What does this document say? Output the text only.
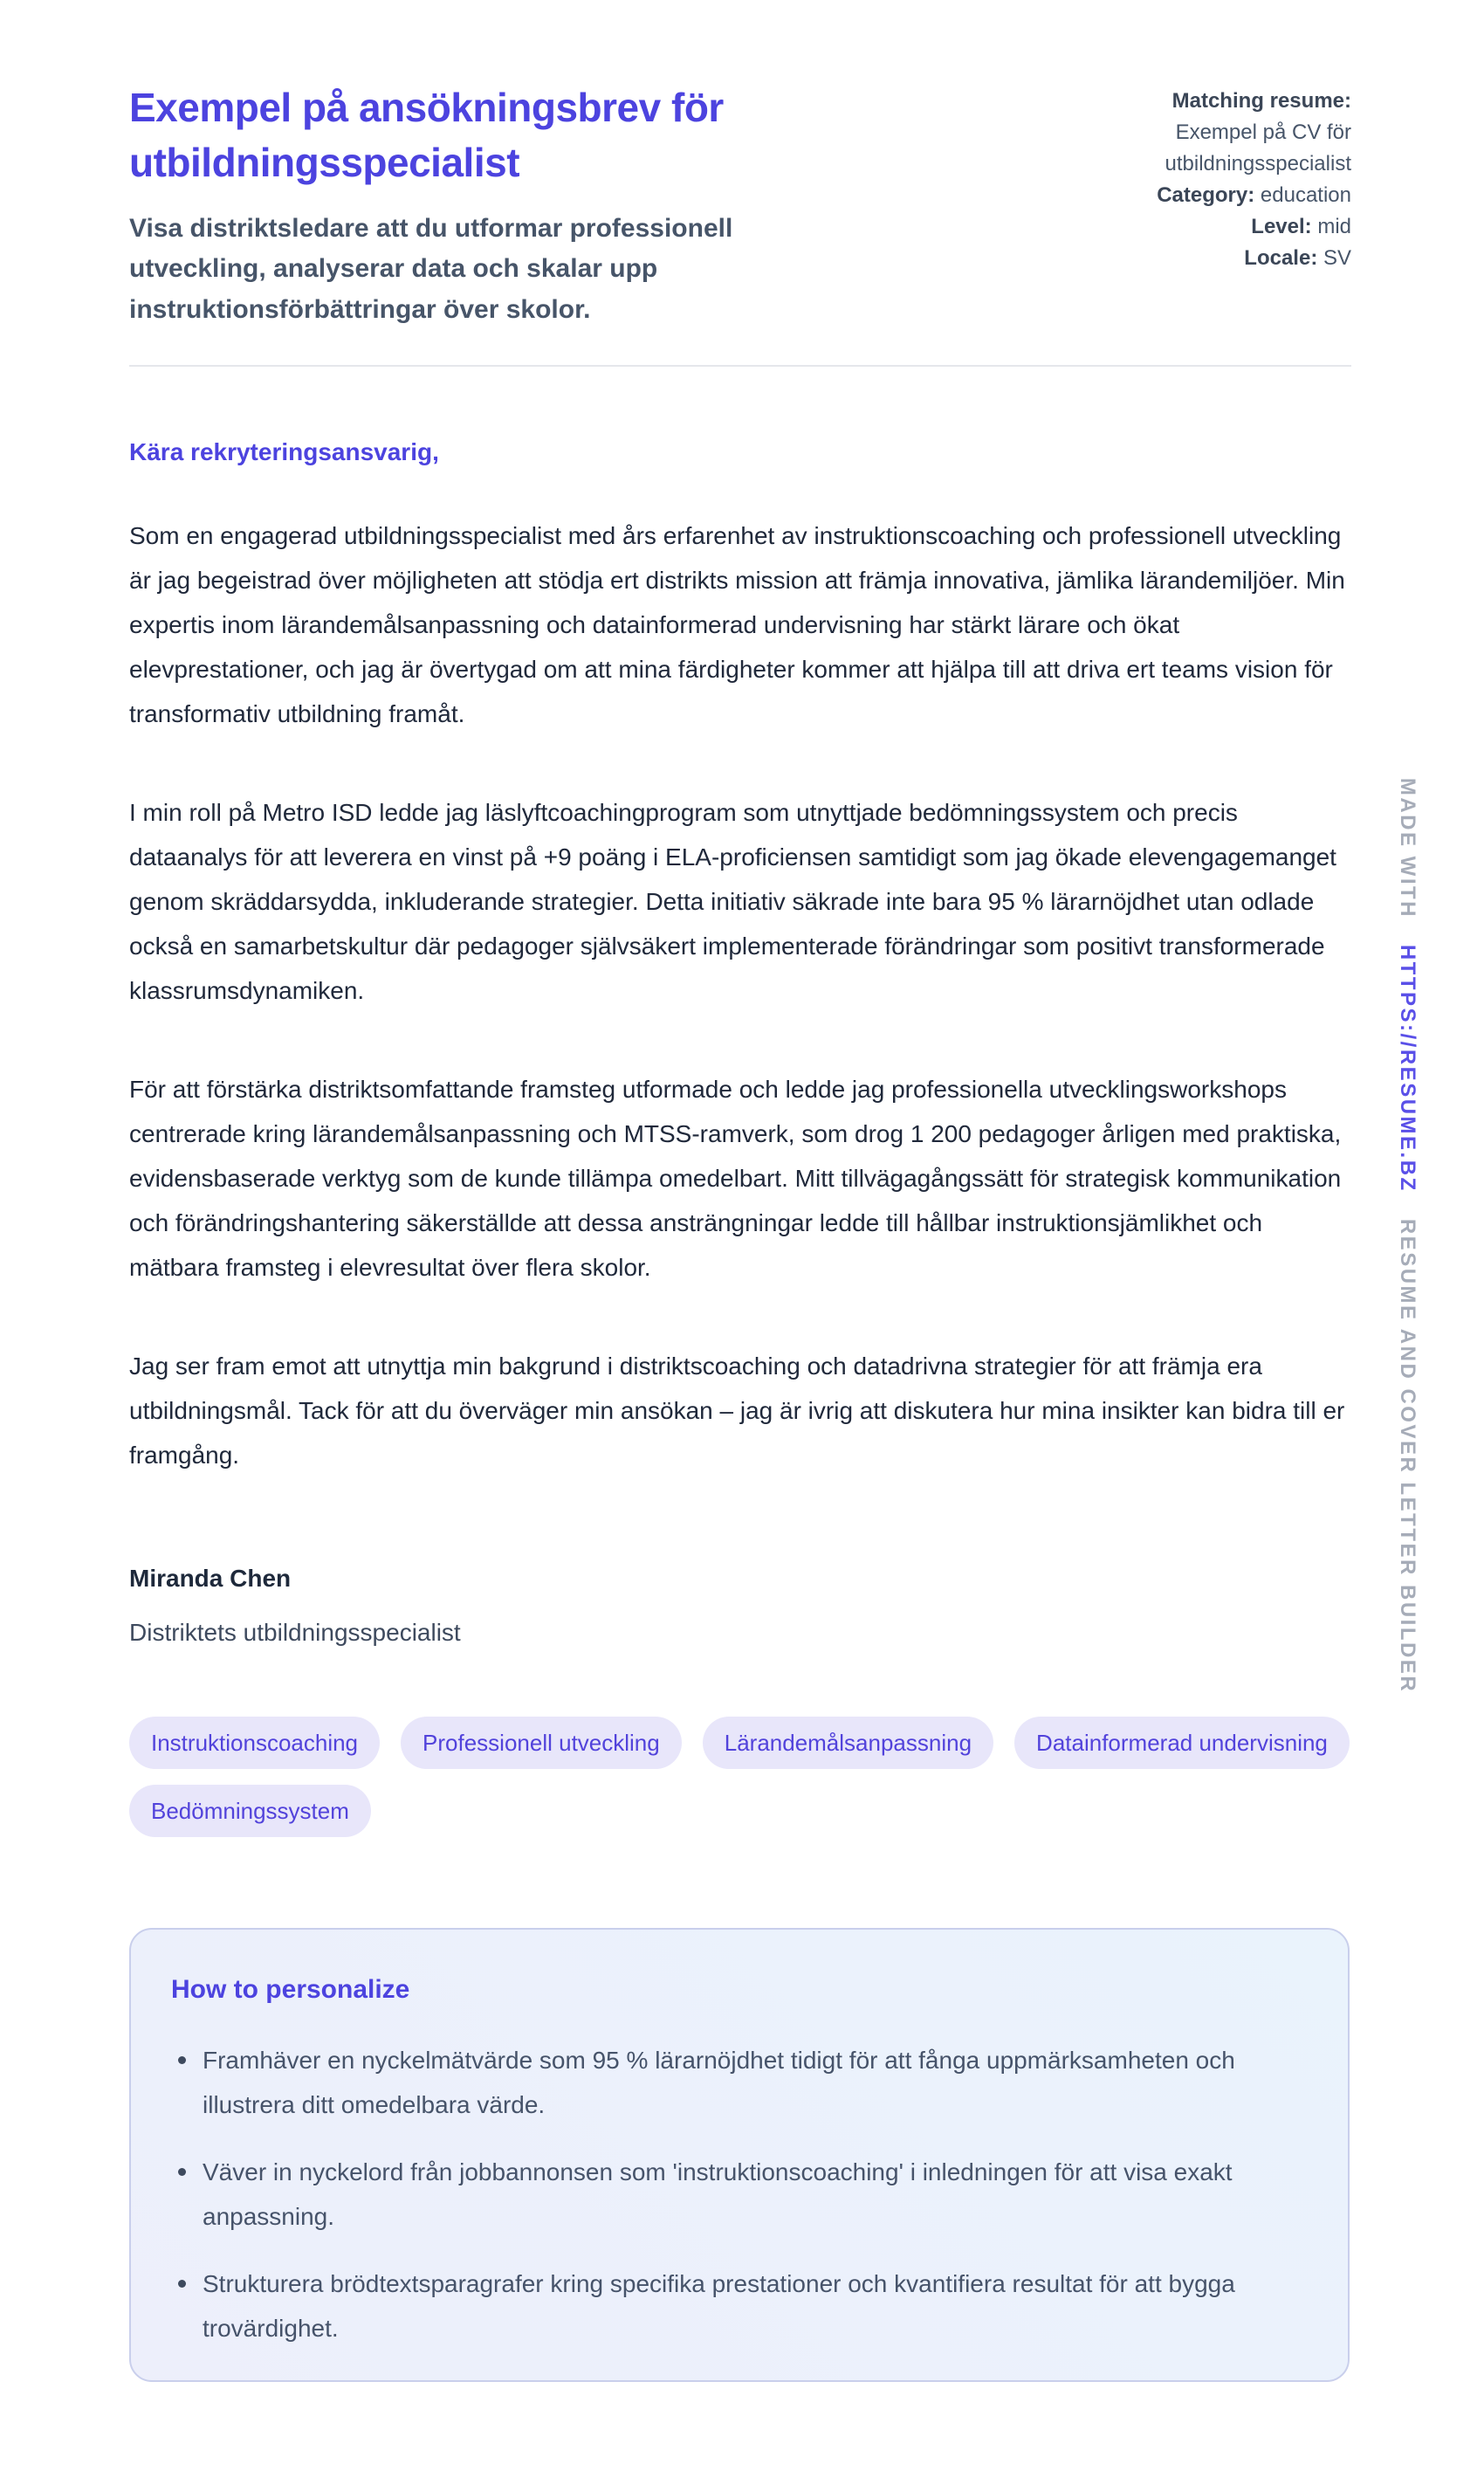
Exempel på ansökningsbrev för utbildningsspecialist
Visa distriktsledare att du utformar professionell utveckling, analyserar data och skalar upp instruktionsförbättringar över skolor.
Matching resume:
Exempel på CV för utbildningsspecialist
Category: education
Level: mid
Locale: SV
Kära rekryteringsansvarig,

Som en engagerad utbildningsspecialist med års erfarenhet av instruktionscoaching och professionell utveckling är jag begeistrad över möjligheten att stödja ert distrikts mission att främja innovativa, jämlika lärandemiljöer. Min expertis inom lärandemålsanpassning och datainformerad undervisning har stärkt lärare och ökat elevprestationer, och jag är övertygad om att mina färdigheter kommer att hjälpa till att driva ert teams vision för transformativ utbildning framåt.

I min roll på Metro ISD ledde jag läslyftcoachingprogram som utnyttjade bedömningssystem och precis dataanalys för att leverera en vinst på +9 poäng i ELA-proficiensen samtidigt som jag ökade elevengagemanget genom skräddarsydda, inkluderande strategier. Detta initiativ säkrade inte bara 95 % lärarnöjdhet utan odlade också en samarbetskultur där pedagoger självsäkert implementerade förändringar som positivt transformerade klassrumsdynamiken.

För att förstärka distriktsomfattande framsteg utformade och ledde jag professionella utvecklingsworkshops centrerade kring lärandemålsanpassning och MTSS-ramverk, som drog 1 200 pedagoger årligen med praktiska, evidensbaserade verktyg som de kunde tillämpa omedelbart. Mitt tillvägagångssätt för strategisk kommunikation och förändringshantering säkerställde att dessa ansträngningar ledde till hållbar instruktionsjämlikhet och mätbara framsteg i elevresultat över flera skolor.

Jag ser fram emot att utnyttja min bakgrund i distriktscoaching och datadrivna strategier för att främja era utbildningsmål. Tack för att du överväger min ansökan – jag är ivrig att diskutera hur mina insikter kan bidra till er framgång.

Miranda Chen
Distriktets utbildningsspecialist
Instruktionscoaching	Professionell utveckling	Lärandemålsanpassning	Datainformerad undervisning
Bedömningssystem
How to personalize
Framhäver en nyckelmätvärde som 95 % lärarnöjdhet tidigt för att fånga uppmärksamheten och illustrera ditt omedelbara värde.
Väver in nyckelord från jobbannonsen som 'instruktionscoaching' i inledningen för att visa exakt anpassning.
Strukturera brödtextsparagrafer kring specifika prestationer och kvantifiera resultat för att bygga trovärdighet.
MADE WITHHTTPS://RESUME.BZRESUME AND COVER LETTER BUILDER
